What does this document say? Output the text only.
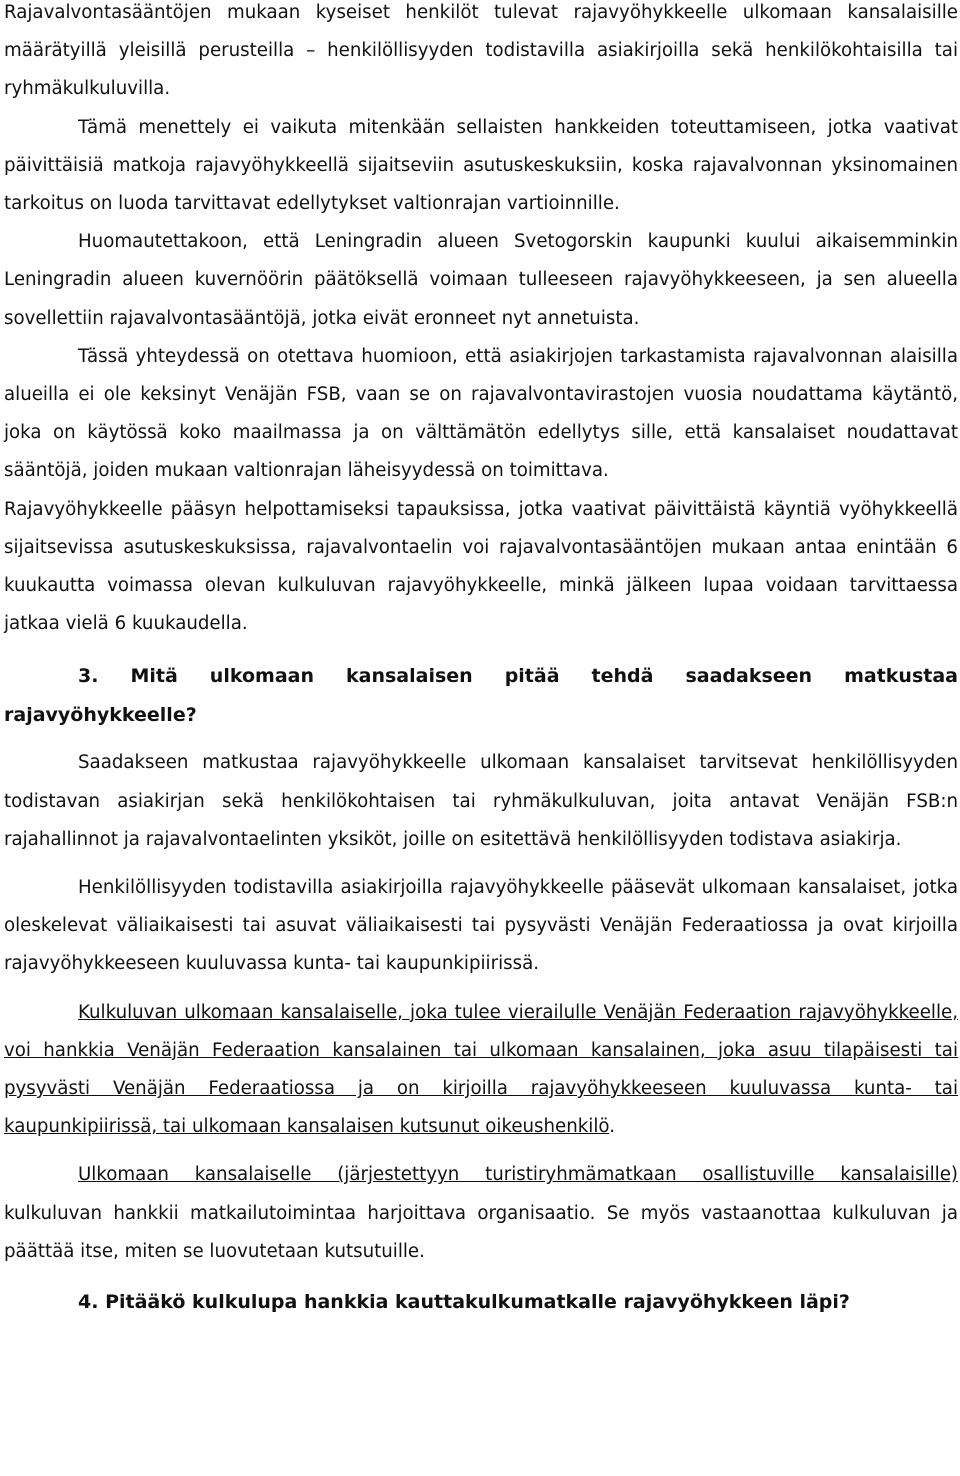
Rajavalvontasääntöjen mukaan kyseiset henkilöt tulevat rajavyöhykkeelle ulkomaan kansalaisille määrätyillä yleisillä perusteilla – henkilöllisyyden todistavilla asiakirjoilla sekä henkilökohtaisilla tai ryhmäkulkuluvilla.

Tämä menettely ei vaikuta mitenkään sellaisten hankkeiden toteuttamiseen, jotka vaativat päivittäisiä matkoja rajavyöhykkeellä sijaitseviin asutuskeskuksiin, koska rajavalvonnan yksinomainen tarkoitus on luoda tarvittavat edellytykset valtionrajan vartioinnille.

Huomautettakoon, että Leningradin alueen Svetogorskin kaupunki kuului aikaisemminkin Leningradin alueen kuvernöörin päätöksellä voimaan tulleeseen rajavyöhykkeeseen, ja sen alueella sovellettiin rajavalvontasääntöjä, jotka eivät eronneet nyt annetuista.

Tässä yhteydessä on otettava huomioon, että asiakirjojen tarkastamista rajavalvonnan alaisilla alueilla ei ole keksinyt Venäjän FSB, vaan se on rajavalvontavirastojen vuosia noudattama käytäntö, joka on käytössä koko maailmassa ja on välttämätön edellytys sille, että kansalaiset noudattavat sääntöjä, joiden mukaan valtionrajan läheisyydessä on toimittava.

Rajavyöhykkeelle pääsyn helpottamiseksi tapauksissa, jotka vaativat päivittäistä käyntiä vyöhykkeellä sijaitsevissa asutuskeskuksissa, rajavalvontaelin voi rajavalvontasääntöjen mukaan antaa enintään 6 kuukautta voimassa olevan kulkuluvan rajavyöhykkeelle, minkä jälkeen lupaa voidaan tarvittaessa jatkaa vielä 6 kuukaudella.

3. Mitä ulkomaan kansalaisen pitää tehdä saadakseen matkustaa rajavyöhykkeelle?

Saadakseen matkustaa rajavyöhykkeelle ulkomaan kansalaiset tarvitsevat henkilöllisyyden todistavan asiakirjan sekä henkilökohtaisen tai ryhmäkulkuluvan, joita antavat Venäjän FSB:n rajahallinnot ja rajavalvontaelinten yksiköt, joille on esitettävä henkilöllisyyden todistava asiakirja.

Henkilöllisyyden todistavilla asiakirjoilla rajavyöhykkeelle pääsevät ulkomaan kansalaiset, jotka oleskelevat väliaikaisesti tai asuvat väliaikaisesti tai pysyvästi Venäjän Federaatiossa ja ovat kirjoilla rajavyöhykkeeseen kuuluvassa kunta- tai kaupunkipiirissä.

Kulkuluvan ulkomaan kansalaiselle, joka tulee vierailulle Venäjän Federaation rajavyöhykkeelle, voi hankkia Venäjän Federaation kansalainen tai ulkomaan kansalainen, joka asuu tilapäisesti tai pysyvästi Venäjän Federaatiossa ja on kirjoilla rajavyöhykkeeseen kuuluvassa kunta- tai kaupunkipiirissä, tai ulkomaan kansalaisen kutsunut oikeushenkilö.

Ulkomaan kansalaiselle (järjestettyyn turistiryhmämatkaan osallistuville kansalaisille) kulkuluvan hankkii matkailutoimintaa harjoittava organisaatio. Se myös vastaanottaa kulkuluvan ja päättää itse, miten se luovutetaan kutsutuille.

4. Pitääkö kulkulupa hankkia kauttakulkumatkalle rajavyöhykkeen läpi?
